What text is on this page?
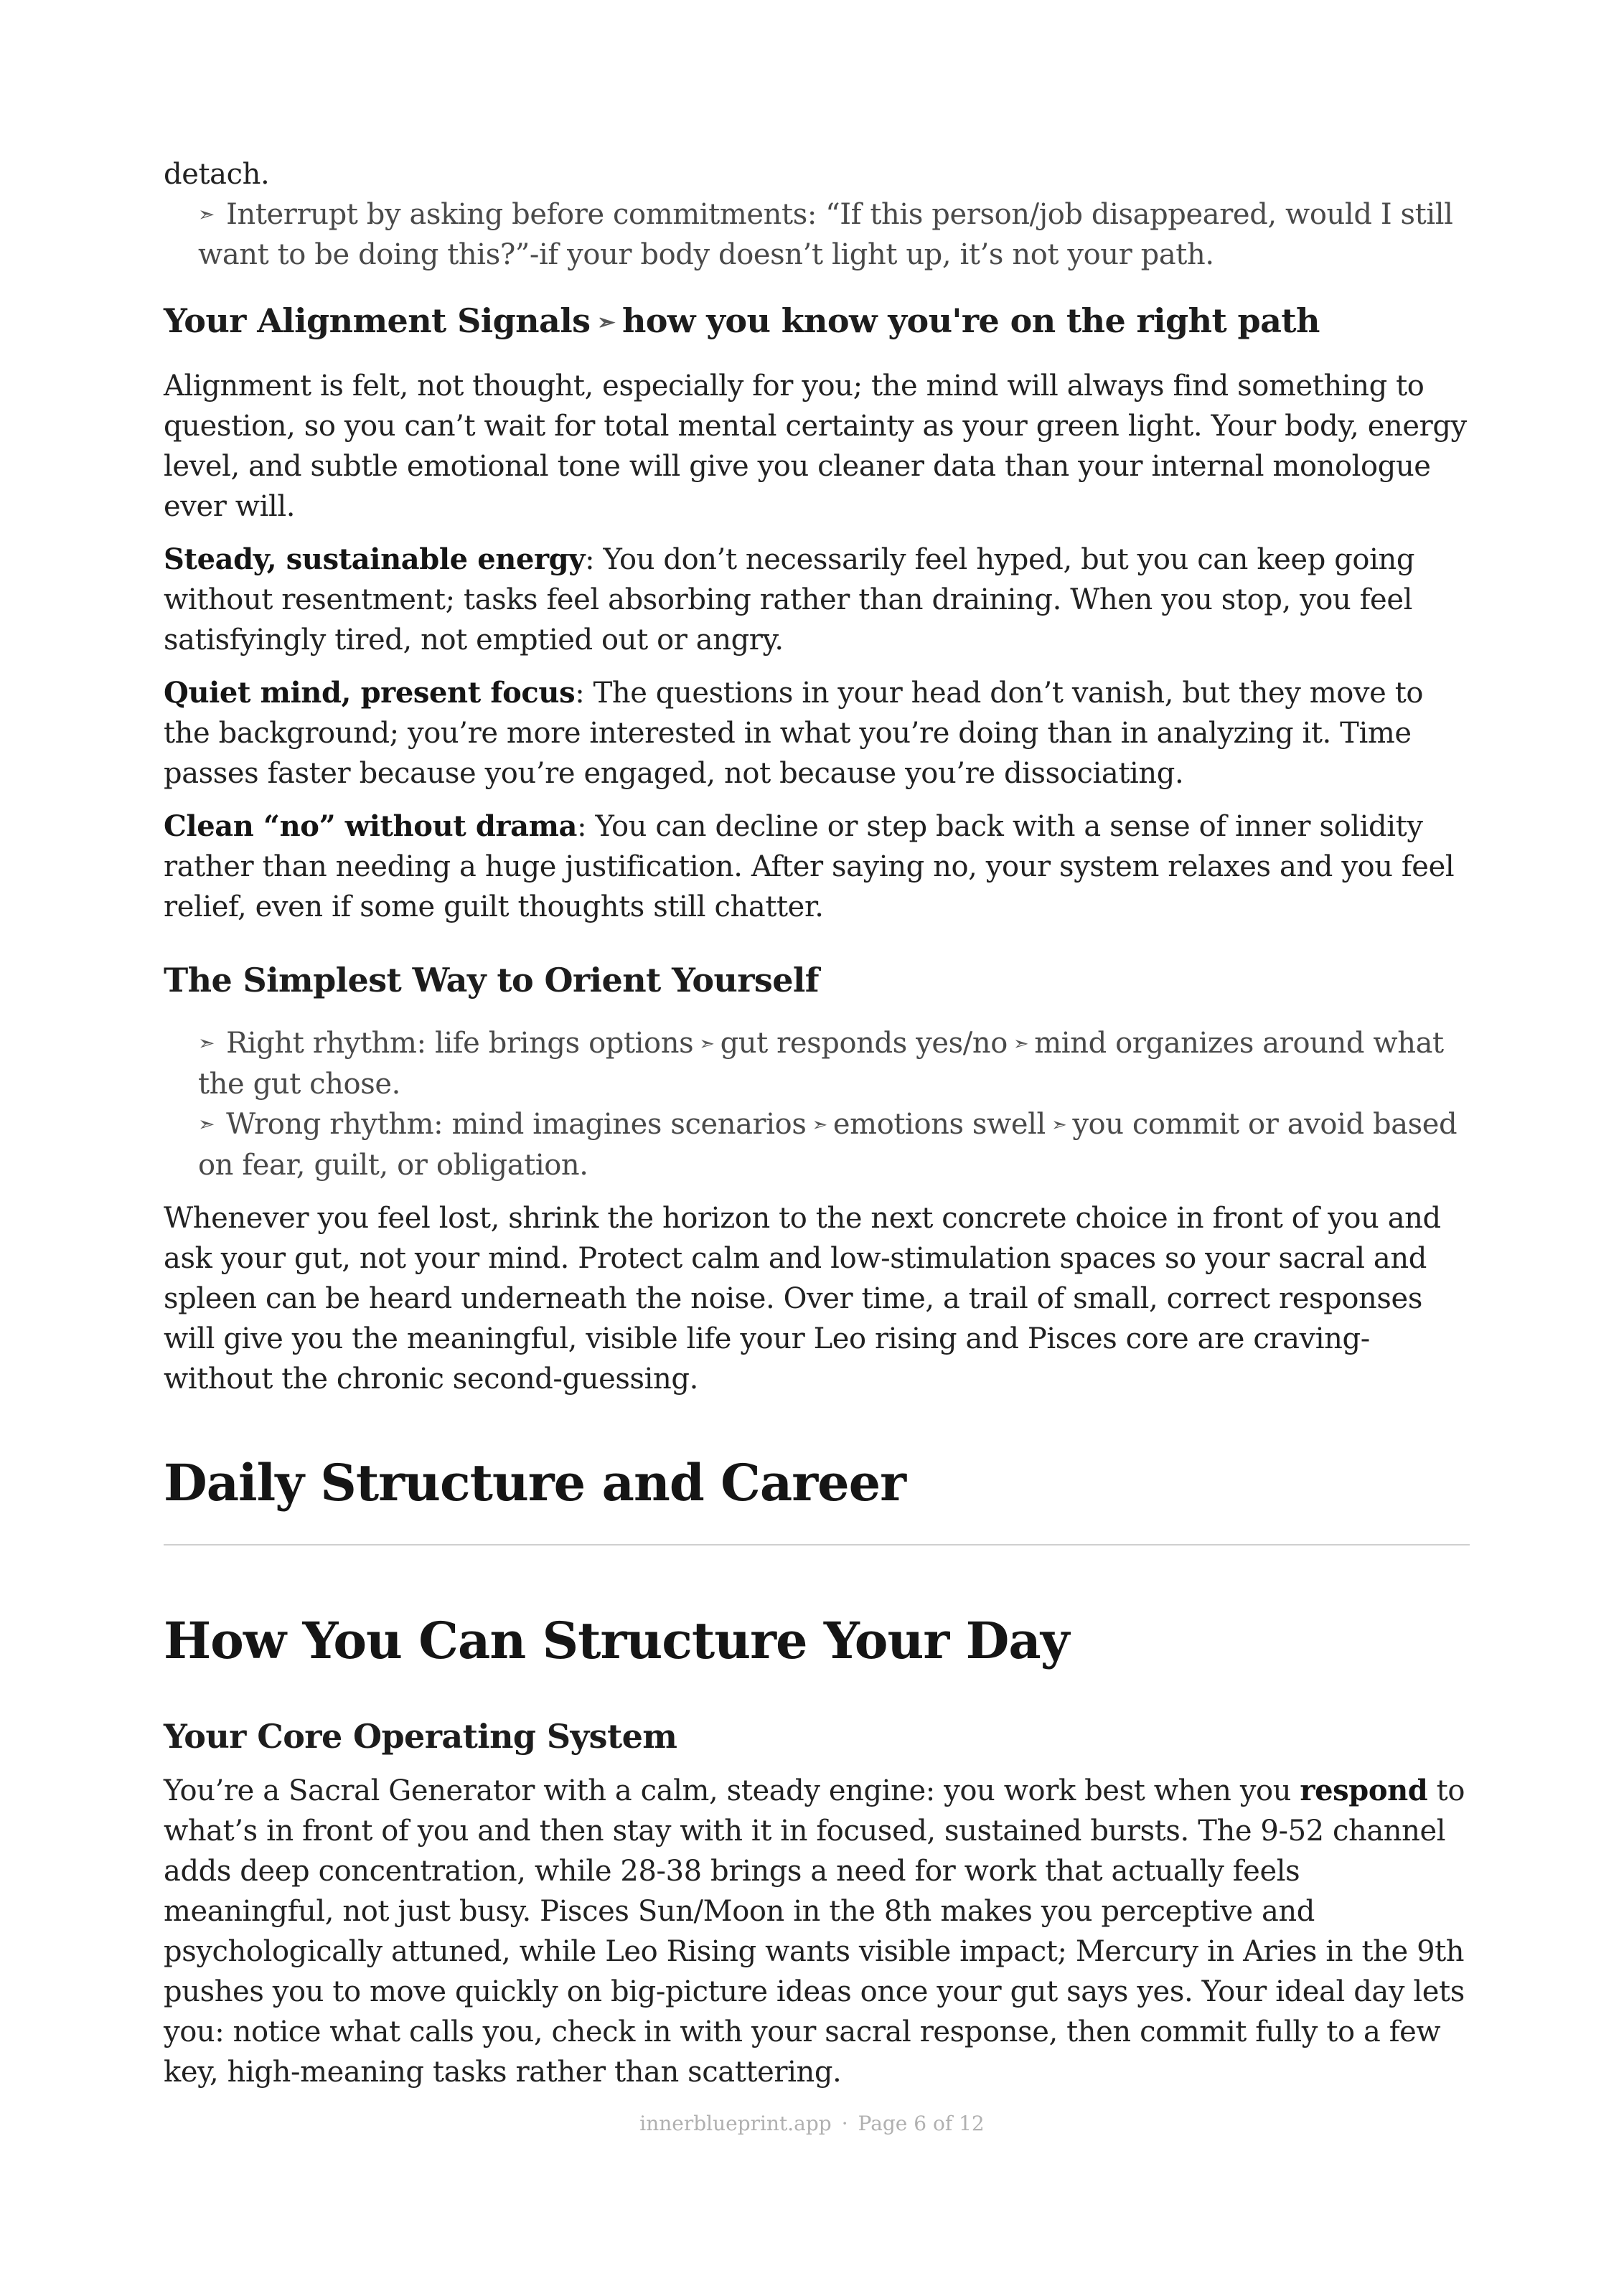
detach.

➣ Interrupt by asking before commitments: “If this person/job disappeared, would I still want to be doing this?”-if your body doesn’t light up, it’s not your path.
Your Alignment Signals ➣ how you know you're on the right path

Alignment is felt, not thought, especially for you; the mind will always find something to question, so you can’t wait for total mental certainty as your green light. Your body, energy level, and subtle emotional tone will give you cleaner data than your internal monologue ever will.

Steady, sustainable energy: You don’t necessarily feel hyped, but you can keep going without resentment; tasks feel absorbing rather than draining. When you stop, you feel satisfyingly tired, not emptied out or angry.

Quiet mind, present focus: The questions in your head don’t vanish, but they move to the background; you’re more interested in what you’re doing than in analyzing it. Time passes faster because you’re engaged, not because you’re dissociating.

Clean “no” without drama: You can decline or step back with a sense of inner solidity rather than needing a huge justification. After saying no, your system relaxes and you feel relief, even if some guilt thoughts still chatter.

The Simplest Way to Orient Yourself
➣ Right rhythm: life brings options ➣ gut responds yes/no ➣ mind organizes around what the gut chose.
➣ Wrong rhythm: mind imagines scenarios ➣ emotions swell ➣ you commit or avoid based on fear, guilt, or obligation.

Whenever you feel lost, shrink the horizon to the next concrete choice in front of you and ask your gut, not your mind. Protect calm and low-stimulation spaces so your sacral and spleen can be heard underneath the noise. Over time, a trail of small, correct responses will give you the meaningful, visible life your Leo rising and Pisces core are craving-without the chronic second-guessing.

Daily Structure and Career
How You Can Structure Your Day
Your Core Operating System

You’re a Sacral Generator with a calm, steady engine: you work best when you respond to what’s in front of you and then stay with it in focused, sustained bursts. The 9-52 channel adds deep concentration, while 28-38 brings a need for work that actually feels meaningful, not just busy. Pisces Sun/Moon in the 8th makes you perceptive and psychologically attuned, while Leo Rising wants visible impact; Mercury in Aries in the 9th pushes you to move quickly on big-picture ideas once your gut says yes. Your ideal day lets you: notice what calls you, check in with your sacral response, then commit fully to a few key, high-meaning tasks rather than scattering.

innerblueprint.app · Page 6 of 12
